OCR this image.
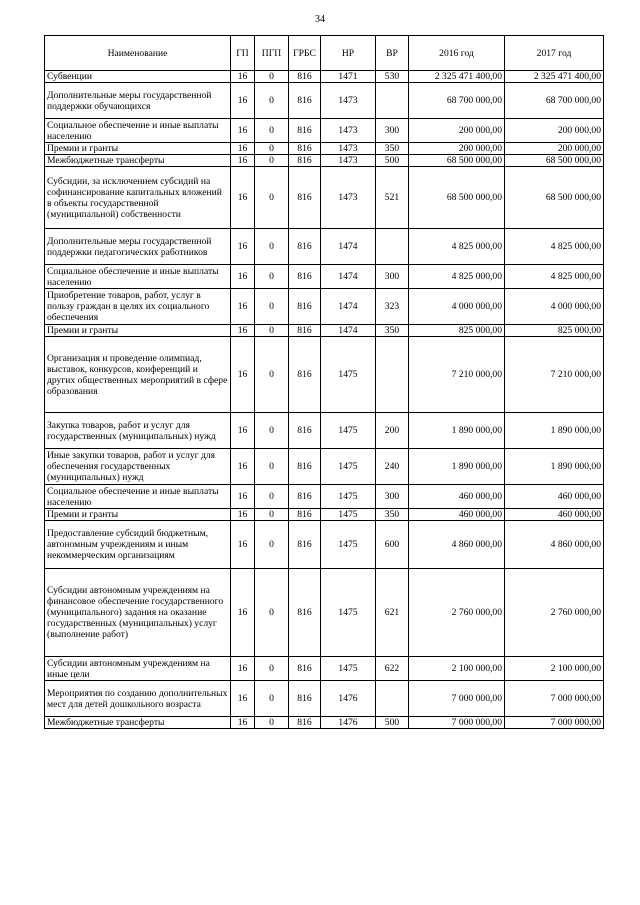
34
Наименование	ГП	ПГП	ГРБС	НР	ВР	2016 год	2017 год
Субвенции	16	0	816	1471	530	2 325 471 400,00	2 325 471 400,00
Дополнительные меры государственной поддержки обучающихся	16	0	816	1473		68 700 000,00	68 700 000,00
Социальное обеспечение и иные выплаты населению	16	0	816	1473	300	200 000,00	200 000,00
Премии и гранты	16	0	816	1473	350	200 000,00	200 000,00
Межбюджетные трансферты	16	0	816	1473	500	68 500 000,00	68 500 000,00
Субсидии, за исключением субсидий на софинансирование капитальных вложений в объекты государственной (муниципальной) собственности	16	0	816	1473	521	68 500 000,00	68 500 000,00
Дополнительные меры государственной поддержки педагогических работников	16	0	816	1474		4 825 000,00	4 825 000,00
Социальное обеспечение и иные выплаты населению	16	0	816	1474	300	4 825 000,00	4 825 000,00
Приобретение товаров, работ, услуг в пользу граждан в целях их социального обеспечения	16	0	816	1474	323	4 000 000,00	4 000 000,00
Премии и гранты	16	0	816	1474	350	825 000,00	825 000,00
Организация и проведение олимпиад, выставок, конкурсов, конференций и других общественных мероприятий в сфере образования	16	0	816	1475		7 210 000,00	7 210 000,00
Закупка товаров, работ и услуг для государственных (муниципальных) нужд	16	0	816	1475	200	1 890 000,00	1 890 000,00
Иные закупки товаров, работ и услуг для обеспечения государственных (муниципальных) нужд	16	0	816	1475	240	1 890 000,00	1 890 000,00
Социальное обеспечение и иные выплаты населению	16	0	816	1475	300	460 000,00	460 000,00
Премии и гранты	16	0	816	1475	350	460 000,00	460 000,00
Предоставление субсидий бюджетным, автономным учреждениям и иным некоммерческим организациям	16	0	816	1475	600	4 860 000,00	4 860 000,00
Субсидии автономным учреждениям на финансовое обеспечение государственного (муниципального) задания на оказание государственных (муниципальных) услуг (выполнение работ)	16	0	816	1475	621	2 760 000,00	2 760 000,00
Субсидии автономным учреждениям на иные цели	16	0	816	1475	622	2 100 000,00	2 100 000,00
Мероприятия по созданию дополнительных мест для детей дошкольного возраста	16	0	816	1476		7 000 000,00	7 000 000,00
Межбюджетные трансферты	16	0	816	1476	500	7 000 000,00	7 000 000,00
